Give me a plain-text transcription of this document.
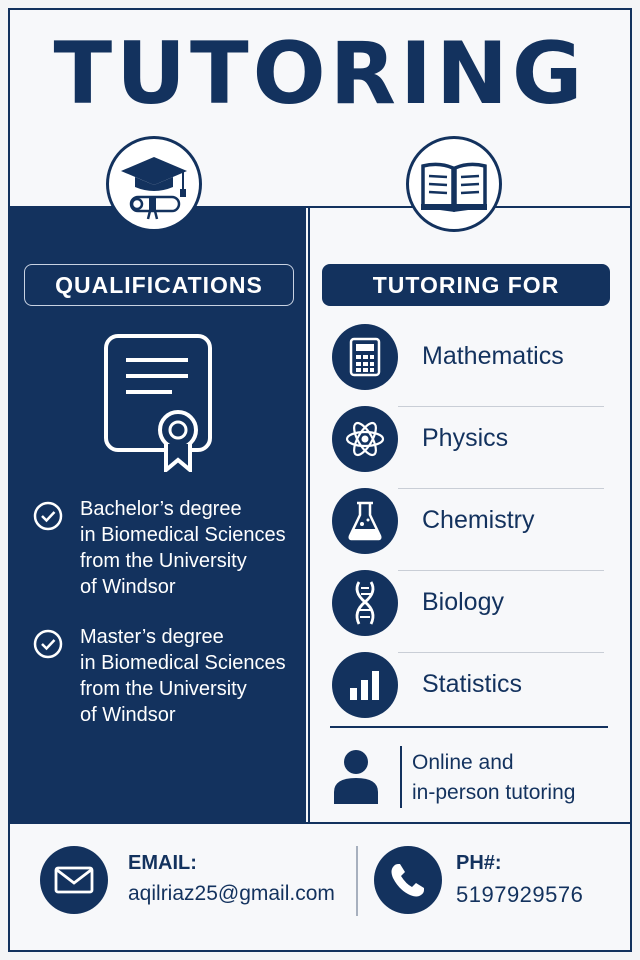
TUTORING
QUALIFICATIONS	TUTORING FOR
Bachelor’s degree
in Biomedical Sciences
from the University
of Windsor
Master’s degree
in Biomedical Sciences
from the University
of Windsor
Mathematics
Physics
Chemistry
Biology
Statistics
Online and
in-person tutoring
EMAIL:
aqilriaz25@gmail.com
PH#:
5197929576
